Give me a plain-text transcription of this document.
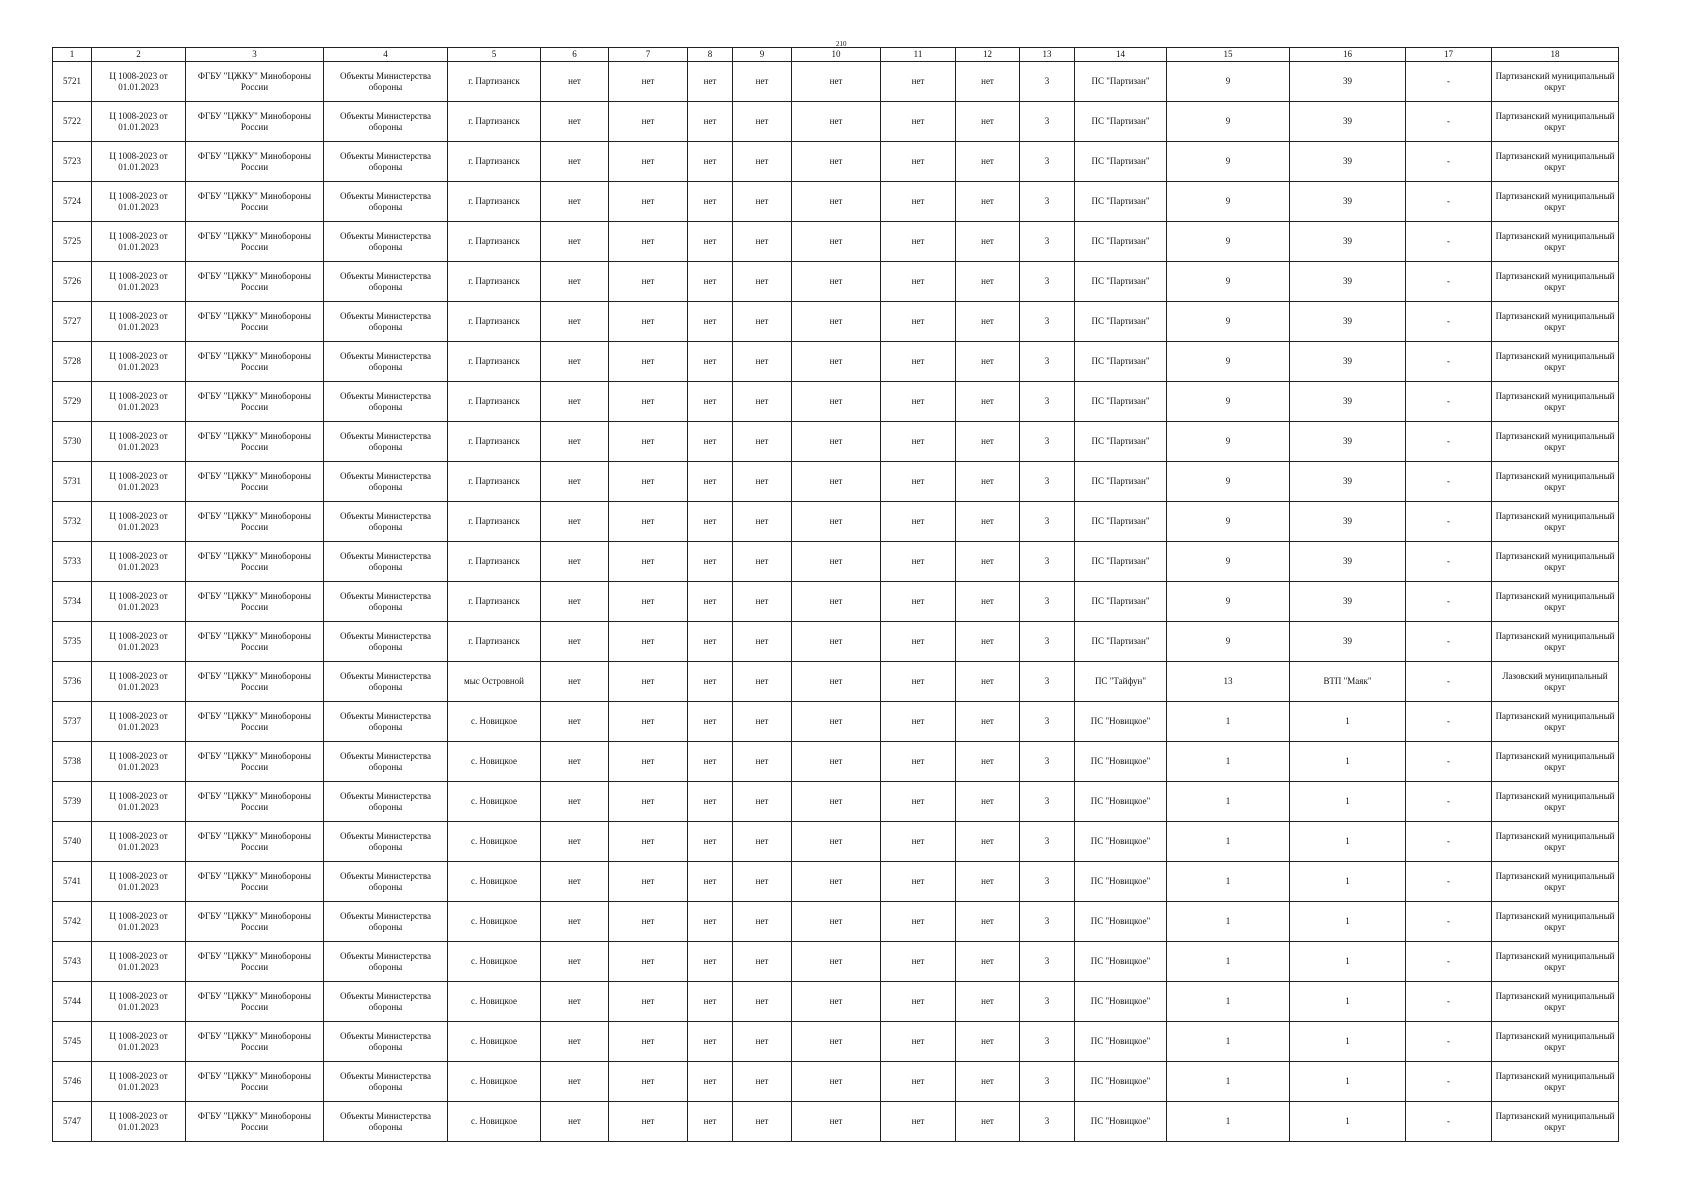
210
1	2	3	4	5	6	7	8	9	10	11	12	13	14	15	16	17	18
5721	Ц 1008-2023 от 01.01.2023	ФГБУ "ЦЖКУ" Минобороны России	Объекты Министерства обороны	г. Партизанск	нет	нет	нет	нет	нет	нет	нет	3	ПС "Партизан"	9	39	-	Партизанский муниципальный округ
5722	Ц 1008-2023 от 01.01.2023	ФГБУ "ЦЖКУ" Минобороны России	Объекты Министерства обороны	г. Партизанск	нет	нет	нет	нет	нет	нет	нет	3	ПС "Партизан"	9	39	-	Партизанский муниципальный округ
5723	Ц 1008-2023 от 01.01.2023	ФГБУ "ЦЖКУ" Минобороны России	Объекты Министерства обороны	г. Партизанск	нет	нет	нет	нет	нет	нет	нет	3	ПС "Партизан"	9	39	-	Партизанский муниципальный округ
5724	Ц 1008-2023 от 01.01.2023	ФГБУ "ЦЖКУ" Минобороны России	Объекты Министерства обороны	г. Партизанск	нет	нет	нет	нет	нет	нет	нет	3	ПС "Партизан"	9	39	-	Партизанский муниципальный округ
5725	Ц 1008-2023 от 01.01.2023	ФГБУ "ЦЖКУ" Минобороны России	Объекты Министерства обороны	г. Партизанск	нет	нет	нет	нет	нет	нет	нет	3	ПС "Партизан"	9	39	-	Партизанский муниципальный округ
5726	Ц 1008-2023 от 01.01.2023	ФГБУ "ЦЖКУ" Минобороны России	Объекты Министерства обороны	г. Партизанск	нет	нет	нет	нет	нет	нет	нет	3	ПС "Партизан"	9	39	-	Партизанский муниципальный округ
5727	Ц 1008-2023 от 01.01.2023	ФГБУ "ЦЖКУ" Минобороны России	Объекты Министерства обороны	г. Партизанск	нет	нет	нет	нет	нет	нет	нет	3	ПС "Партизан"	9	39	-	Партизанский муниципальный округ
5728	Ц 1008-2023 от 01.01.2023	ФГБУ "ЦЖКУ" Минобороны России	Объекты Министерства обороны	г. Партизанск	нет	нет	нет	нет	нет	нет	нет	3	ПС "Партизан"	9	39	-	Партизанский муниципальный округ
5729	Ц 1008-2023 от 01.01.2023	ФГБУ "ЦЖКУ" Минобороны России	Объекты Министерства обороны	г. Партизанск	нет	нет	нет	нет	нет	нет	нет	3	ПС "Партизан"	9	39	-	Партизанский муниципальный округ
5730	Ц 1008-2023 от 01.01.2023	ФГБУ "ЦЖКУ" Минобороны России	Объекты Министерства обороны	г. Партизанск	нет	нет	нет	нет	нет	нет	нет	3	ПС "Партизан"	9	39	-	Партизанский муниципальный округ
5731	Ц 1008-2023 от 01.01.2023	ФГБУ "ЦЖКУ" Минобороны России	Объекты Министерства обороны	г. Партизанск	нет	нет	нет	нет	нет	нет	нет	3	ПС "Партизан"	9	39	-	Партизанский муниципальный округ
5732	Ц 1008-2023 от 01.01.2023	ФГБУ "ЦЖКУ" Минобороны России	Объекты Министерства обороны	г. Партизанск	нет	нет	нет	нет	нет	нет	нет	3	ПС "Партизан"	9	39	-	Партизанский муниципальный округ
5733	Ц 1008-2023 от 01.01.2023	ФГБУ "ЦЖКУ" Минобороны России	Объекты Министерства обороны	г. Партизанск	нет	нет	нет	нет	нет	нет	нет	3	ПС "Партизан"	9	39	-	Партизанский муниципальный округ
5734	Ц 1008-2023 от 01.01.2023	ФГБУ "ЦЖКУ" Минобороны России	Объекты Министерства обороны	г. Партизанск	нет	нет	нет	нет	нет	нет	нет	3	ПС "Партизан"	9	39	-	Партизанский муниципальный округ
5735	Ц 1008-2023 от 01.01.2023	ФГБУ "ЦЖКУ" Минобороны России	Объекты Министерства обороны	г. Партизанск	нет	нет	нет	нет	нет	нет	нет	3	ПС "Партизан"	9	39	-	Партизанский муниципальный округ
5736	Ц 1008-2023 от 01.01.2023	ФГБУ "ЦЖКУ" Минобороны России	Объекты Министерства обороны	мыс Островной	нет	нет	нет	нет	нет	нет	нет	3	ПС "Тайфун"	13	ВТП "Маяк"	-	Лазовский муниципальный округ
5737	Ц 1008-2023 от 01.01.2023	ФГБУ "ЦЖКУ" Минобороны России	Объекты Министерства обороны	с. Новицкое	нет	нет	нет	нет	нет	нет	нет	3	ПС "Новицкое"	1	1	-	Партизанский муниципальный округ
5738	Ц 1008-2023 от 01.01.2023	ФГБУ "ЦЖКУ" Минобороны России	Объекты Министерства обороны	с. Новицкое	нет	нет	нет	нет	нет	нет	нет	3	ПС "Новицкое"	1	1	-	Партизанский муниципальный округ
5739	Ц 1008-2023 от 01.01.2023	ФГБУ "ЦЖКУ" Минобороны России	Объекты Министерства обороны	с. Новицкое	нет	нет	нет	нет	нет	нет	нет	3	ПС "Новицкое"	1	1	-	Партизанский муниципальный округ
5740	Ц 1008-2023 от 01.01.2023	ФГБУ "ЦЖКУ" Минобороны России	Объекты Министерства обороны	с. Новицкое	нет	нет	нет	нет	нет	нет	нет	3	ПС "Новицкое"	1	1	-	Партизанский муниципальный округ
5741	Ц 1008-2023 от 01.01.2023	ФГБУ "ЦЖКУ" Минобороны России	Объекты Министерства обороны	с. Новицкое	нет	нет	нет	нет	нет	нет	нет	3	ПС "Новицкое"	1	1	-	Партизанский муниципальный округ
5742	Ц 1008-2023 от 01.01.2023	ФГБУ "ЦЖКУ" Минобороны России	Объекты Министерства обороны	с. Новицкое	нет	нет	нет	нет	нет	нет	нет	3	ПС "Новицкое"	1	1	-	Партизанский муниципальный округ
5743	Ц 1008-2023 от 01.01.2023	ФГБУ "ЦЖКУ" Минобороны России	Объекты Министерства обороны	с. Новицкое	нет	нет	нет	нет	нет	нет	нет	3	ПС "Новицкое"	1	1	-	Партизанский муниципальный округ
5744	Ц 1008-2023 от 01.01.2023	ФГБУ "ЦЖКУ" Минобороны России	Объекты Министерства обороны	с. Новицкое	нет	нет	нет	нет	нет	нет	нет	3	ПС "Новицкое"	1	1	-	Партизанский муниципальный округ
5745	Ц 1008-2023 от 01.01.2023	ФГБУ "ЦЖКУ" Минобороны России	Объекты Министерства обороны	с. Новицкое	нет	нет	нет	нет	нет	нет	нет	3	ПС "Новицкое"	1	1	-	Партизанский муниципальный округ
5746	Ц 1008-2023 от 01.01.2023	ФГБУ "ЦЖКУ" Минобороны России	Объекты Министерства обороны	с. Новицкое	нет	нет	нет	нет	нет	нет	нет	3	ПС "Новицкое"	1	1	-	Партизанский муниципальный округ
5747	Ц 1008-2023 от 01.01.2023	ФГБУ "ЦЖКУ" Минобороны России	Объекты Министерства обороны	с. Новицкое	нет	нет	нет	нет	нет	нет	нет	3	ПС "Новицкое"	1	1	-	Партизанский муниципальный округ
